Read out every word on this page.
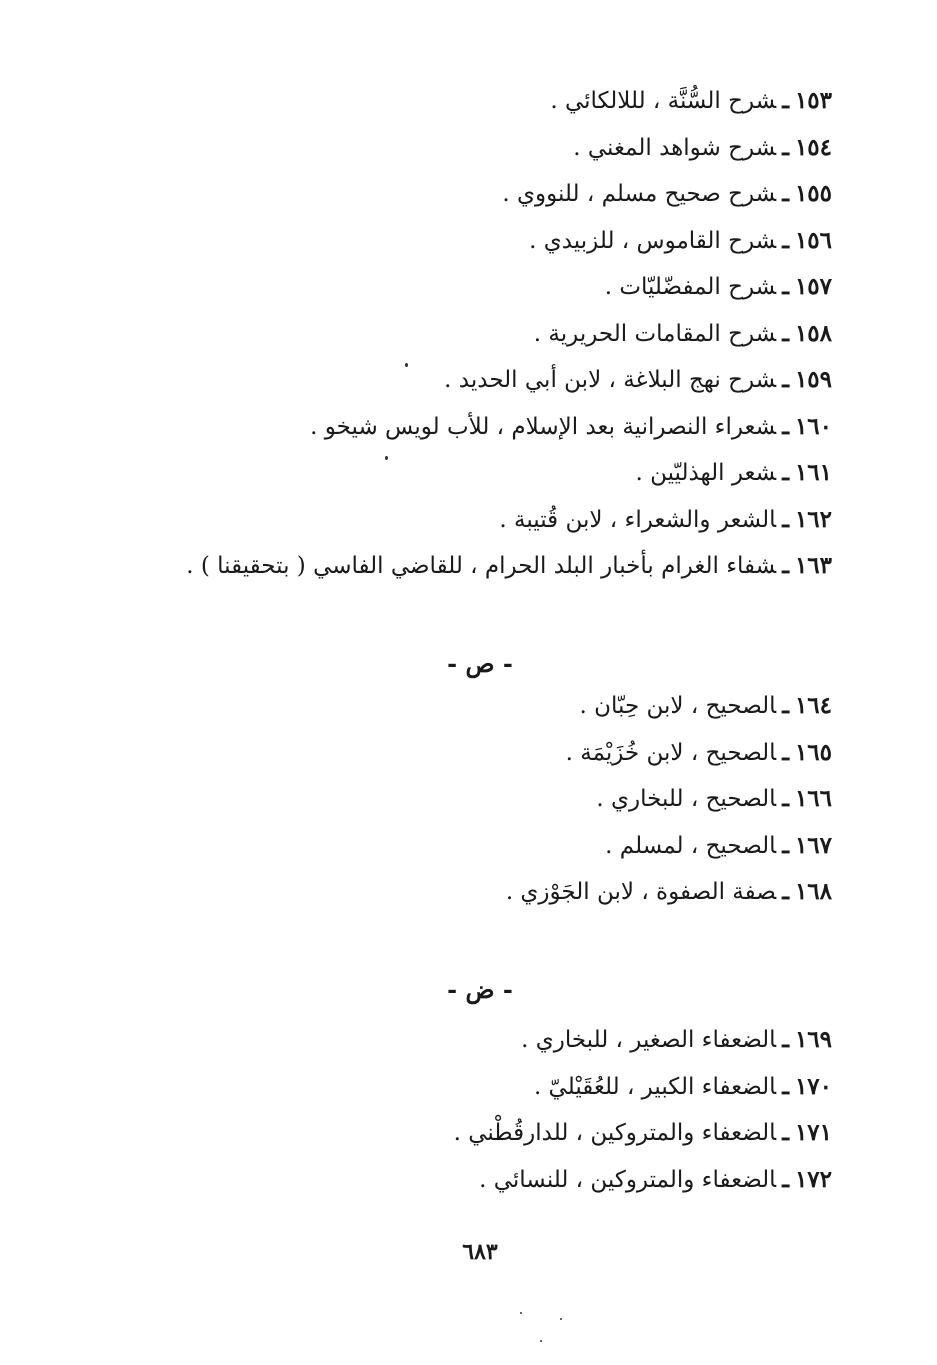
١٥٣ـشرح السُّنَّة ، لللالكائي .
١٥٤ـشرح شواهد المغني .
١٥٥ـشرح صحيح مسلم ، للنووي .
١٥٦ـشرح القاموس ، للزبيدي .
١٥٧ـشرح المفضّليّات .
١٥٨ـشرح المقامات الحريرية .
١٥٩ـشرح نهج البلاغة ، لابن أبي الحديد .
١٦٠ـشعراء النصرانية بعد الإسلام ، للأب لويس شيخو .
١٦١ـشعر الهذليّين .
١٦٢ـالشعر والشعراء ، لابن قُتيبة .
١٦٣ـشفاء الغرام بأخبار البلد الحرام ، للقاضي الفاسي ( بتحقيقنا ) .
- ص -
١٦٤ـالصحيح ، لابن حِبّان .
١٦٥ـالصحيح ، لابن خُزَيْمَة .
١٦٦ـالصحيح ، للبخاري .
١٦٧ـالصحيح ، لمسلم .
١٦٨ـصفة الصفوة ، لابن الجَوْزي .
- ض -
١٦٩ـالضعفاء الصغير ، للبخاري .
١٧٠ـالضعفاء الكبير ، للعُقَيْليّ .
١٧١ـالضعفاء والمتروكين ، للدارقُطْني .
١٧٢ـالضعفاء والمتروكين ، للنسائي .
٦٨٣
